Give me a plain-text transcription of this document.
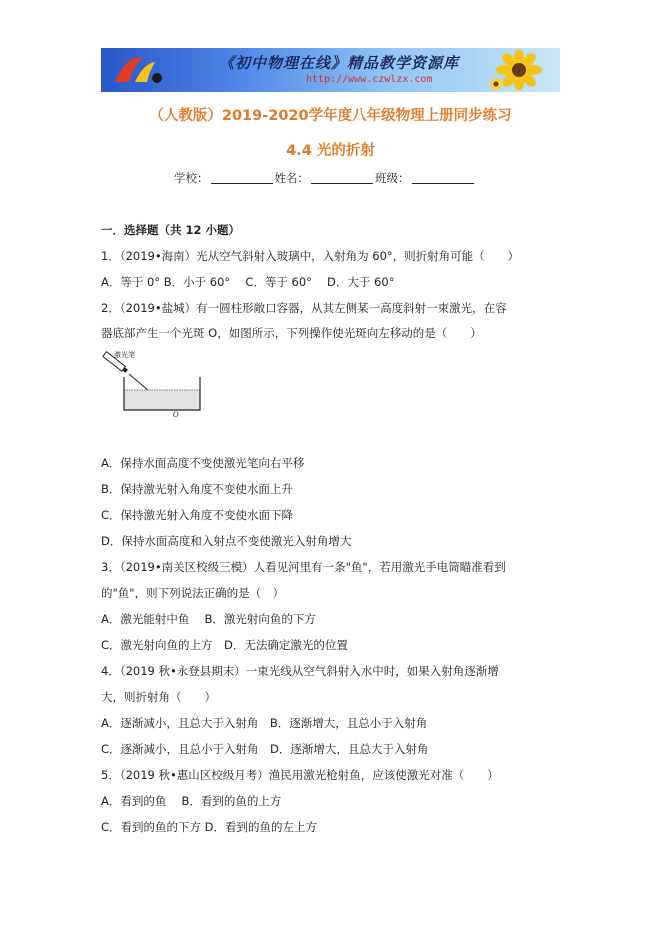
《初中物理在线》精品教学资源库
http://www.czwlzx.com
（人教版）2019-2020学年度八年级物理上册同步练习
4.4 光的折射
学校：	姓名：	班级：
一．选择题（共 12 小题）
1．（2019•海南）光从空气斜射入玻璃中，入射角为 60°，则折射角可能（　　）
A．等于 0° B．小于 60°　 C．等于 60°　 D．大于 60°
2．（2019•盐城）有一圆柱形敞口容器，从其左侧某一高度斜射一束激光，在容
器底部产生一个光斑 O，如图所示，下列操作使光斑向左移动的是（　　）
激光笔
O
A．保持水面高度不变使激光笔向右平移
B．保持激光射入角度不变使水面上升
C．保持激光射入角度不变使水面下降
D．保持水面高度和入射点不变使激光入射角增大
3．（2019•南关区校级三模）人看见河里有一条"鱼"，若用激光手电筒瞄准看到
的"鱼"，则下列说法正确的是（　）
A．激光能射中鱼　 B．激光射向鱼的下方
C．激光射向鱼的上方　D．无法确定激光的位置
4．（2019 秋•永登县期末）一束光线从空气斜射入水中时，如果入射角逐渐增
大，则折射角（　　）
A．逐渐减小，且总大于入射角　B．逐渐增大，且总小于入射角
C．逐渐减小，且总小于入射角　D．逐渐增大，且总大于入射角
5．（2019 秋•惠山区校级月考）渔民用激光枪射鱼，应该使激光对准（　　）
A．看到的鱼　 B．看到的鱼的上方
C．看到的鱼的下方 D．看到的鱼的左上方
